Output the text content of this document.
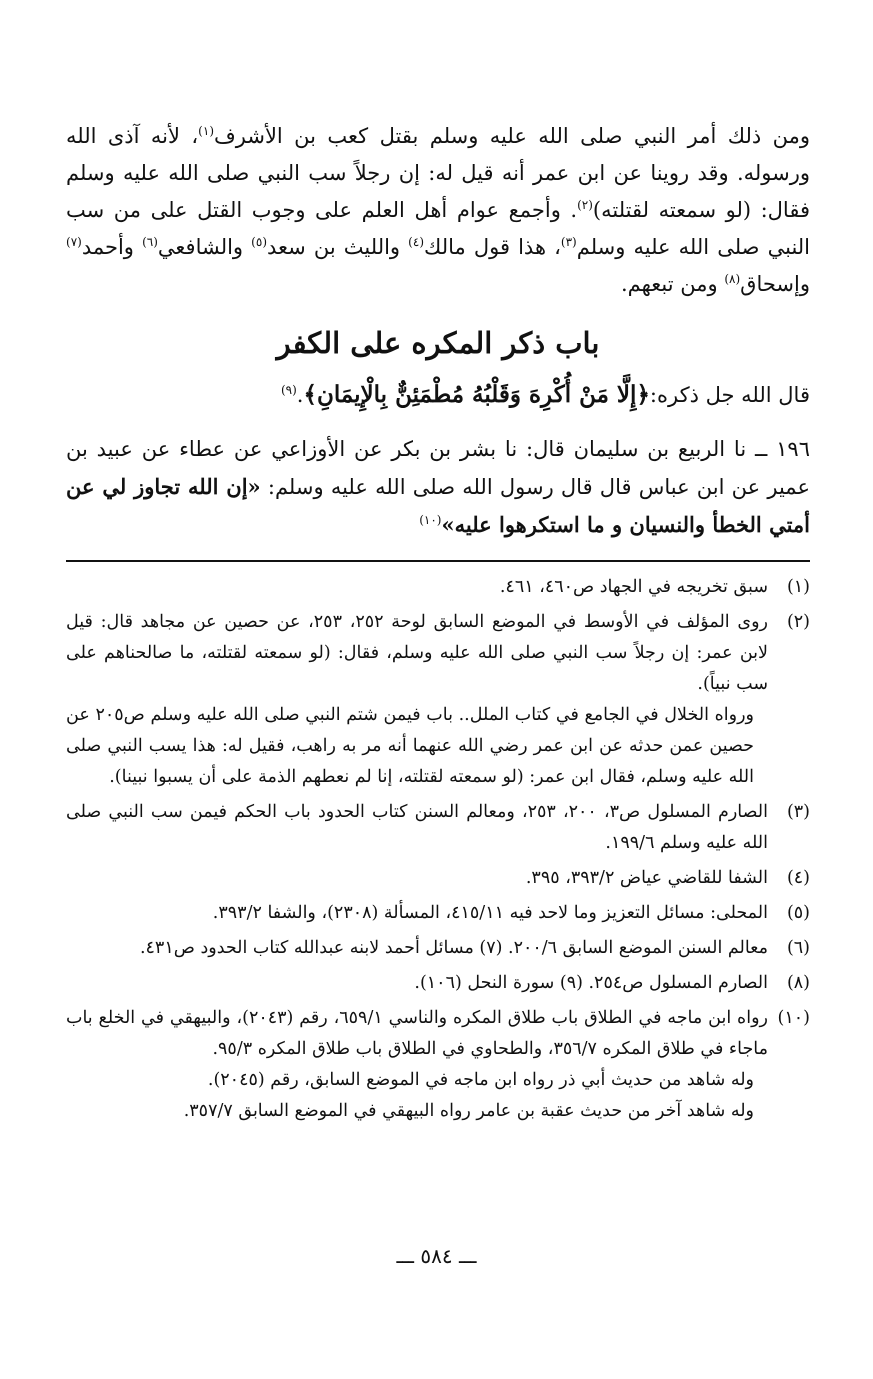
ومن ذلك أمر النبي صلى الله عليه وسلم بقتل كعب بن الأشرف$^{(١)}$، لأنه آذى الله ورسوله. وقد روينا عن ابن عمر أنه قيل له: إن رجلاً سب النبي صلى الله عليه وسلم فقال: (لو سمعته لقتلته)$^{(٢)}$. وأجمع عوام أهل العلم على وجوب القتل على من سب النبي صلى الله عليه وسلم$^{(٣)}$، هذا قول مالك$^{(٤)}$ والليث بن سعد$^{(٥)}$ والشافعي$^{(٦)}$ وأحمد$^{(٧)}$ وإسحاق$^{(٨)}$ ومن تبعهم.

باب ذكر المكره على الكفر

قال الله جل ذكره:﴿إِلَّا مَنْ أُكْرِهَ وَقَلْبُهُ مُطْمَئِنٌّ بِالْإِيمَانِ﴾.$^{(٩)}$

١٩٦ ــ نا الربيع بن سليمان قال: نا بشر بن بكر عن الأوزاعي عن عطاء عن عبيد بن عمير عن ابن عباس قال قال رسول الله صلى الله عليه وسلم: «إن الله تجاوز لي عن أمتي الخطأ والنسيان و ما استكرهوا عليه»$^{(١٠)}$

(١)
سبق تخريجه في الجهاد ص٤٦٠، ٤٦١.
(٢)
روى المؤلف في الأوسط في الموضع السابق لوحة ٢٥٢، ٢٥٣، عن حصين عن مجاهد قال: قيل لابن عمر: إن رجلاً سب النبي صلى الله عليه وسلم، فقال: (لو سمعته لقتلته، ما صالحناهم على سب نبياً).
ورواه الخلال في الجامع في كتاب الملل.. باب فيمن شتم النبي صلى الله عليه وسلم ص٢٠٥ عن حصين عمن حدثه عن ابن عمر رضي الله عنهما أنه مر به راهب، فقيل له: هذا يسب النبي صلى الله عليه وسلم، فقال ابن عمر: (لو سمعته لقتلته، إنا لم نعطهم الذمة على أن يسبوا نبينا).
(٣)
الصارم المسلول ص٣، ٢٠٠، ٢٥٣، ومعالم السنن كتاب الحدود باب الحكم فيمن سب النبي صلى الله عليه وسلم ١٩٩/٦.
(٤)
الشفا للقاضي عياض ٣٩٣/٢، ٣٩٥.
(٥)
المحلى: مسائل التعزيز وما لاحد فيه ٤١٥/١١، المسألة (٢٣٠٨)، والشفا ٣٩٣/٢.
(٦)
معالم السنن الموضع السابق ٢٠٠/٦. (٧) مسائل أحمد لابنه عبدالله كتاب الحدود ص٤٣١.
(٨)
الصارم المسلول ص٢٥٤. (٩) سورة النحل (١٠٦).
(١٠)
رواه ابن ماجه في الطلاق باب طلاق المكره والناسي ٦٥٩/١، رقم (٢٠٤٣)، والبيهقي في الخلع باب ماجاء في طلاق المكره ٣٥٦/٧، والطحاوي في الطلاق باب طلاق المكره ٩٥/٣.
وله شاهد من حديث أبي ذر رواه ابن ماجه في الموضع السابق، رقم (٢٠٤٥).
وله شاهد آخر من حديث عقبة بن عامر رواه البيهقي في الموضع السابق ٣٥٧/٧.
ـــ ٥٨٤ ـــ
